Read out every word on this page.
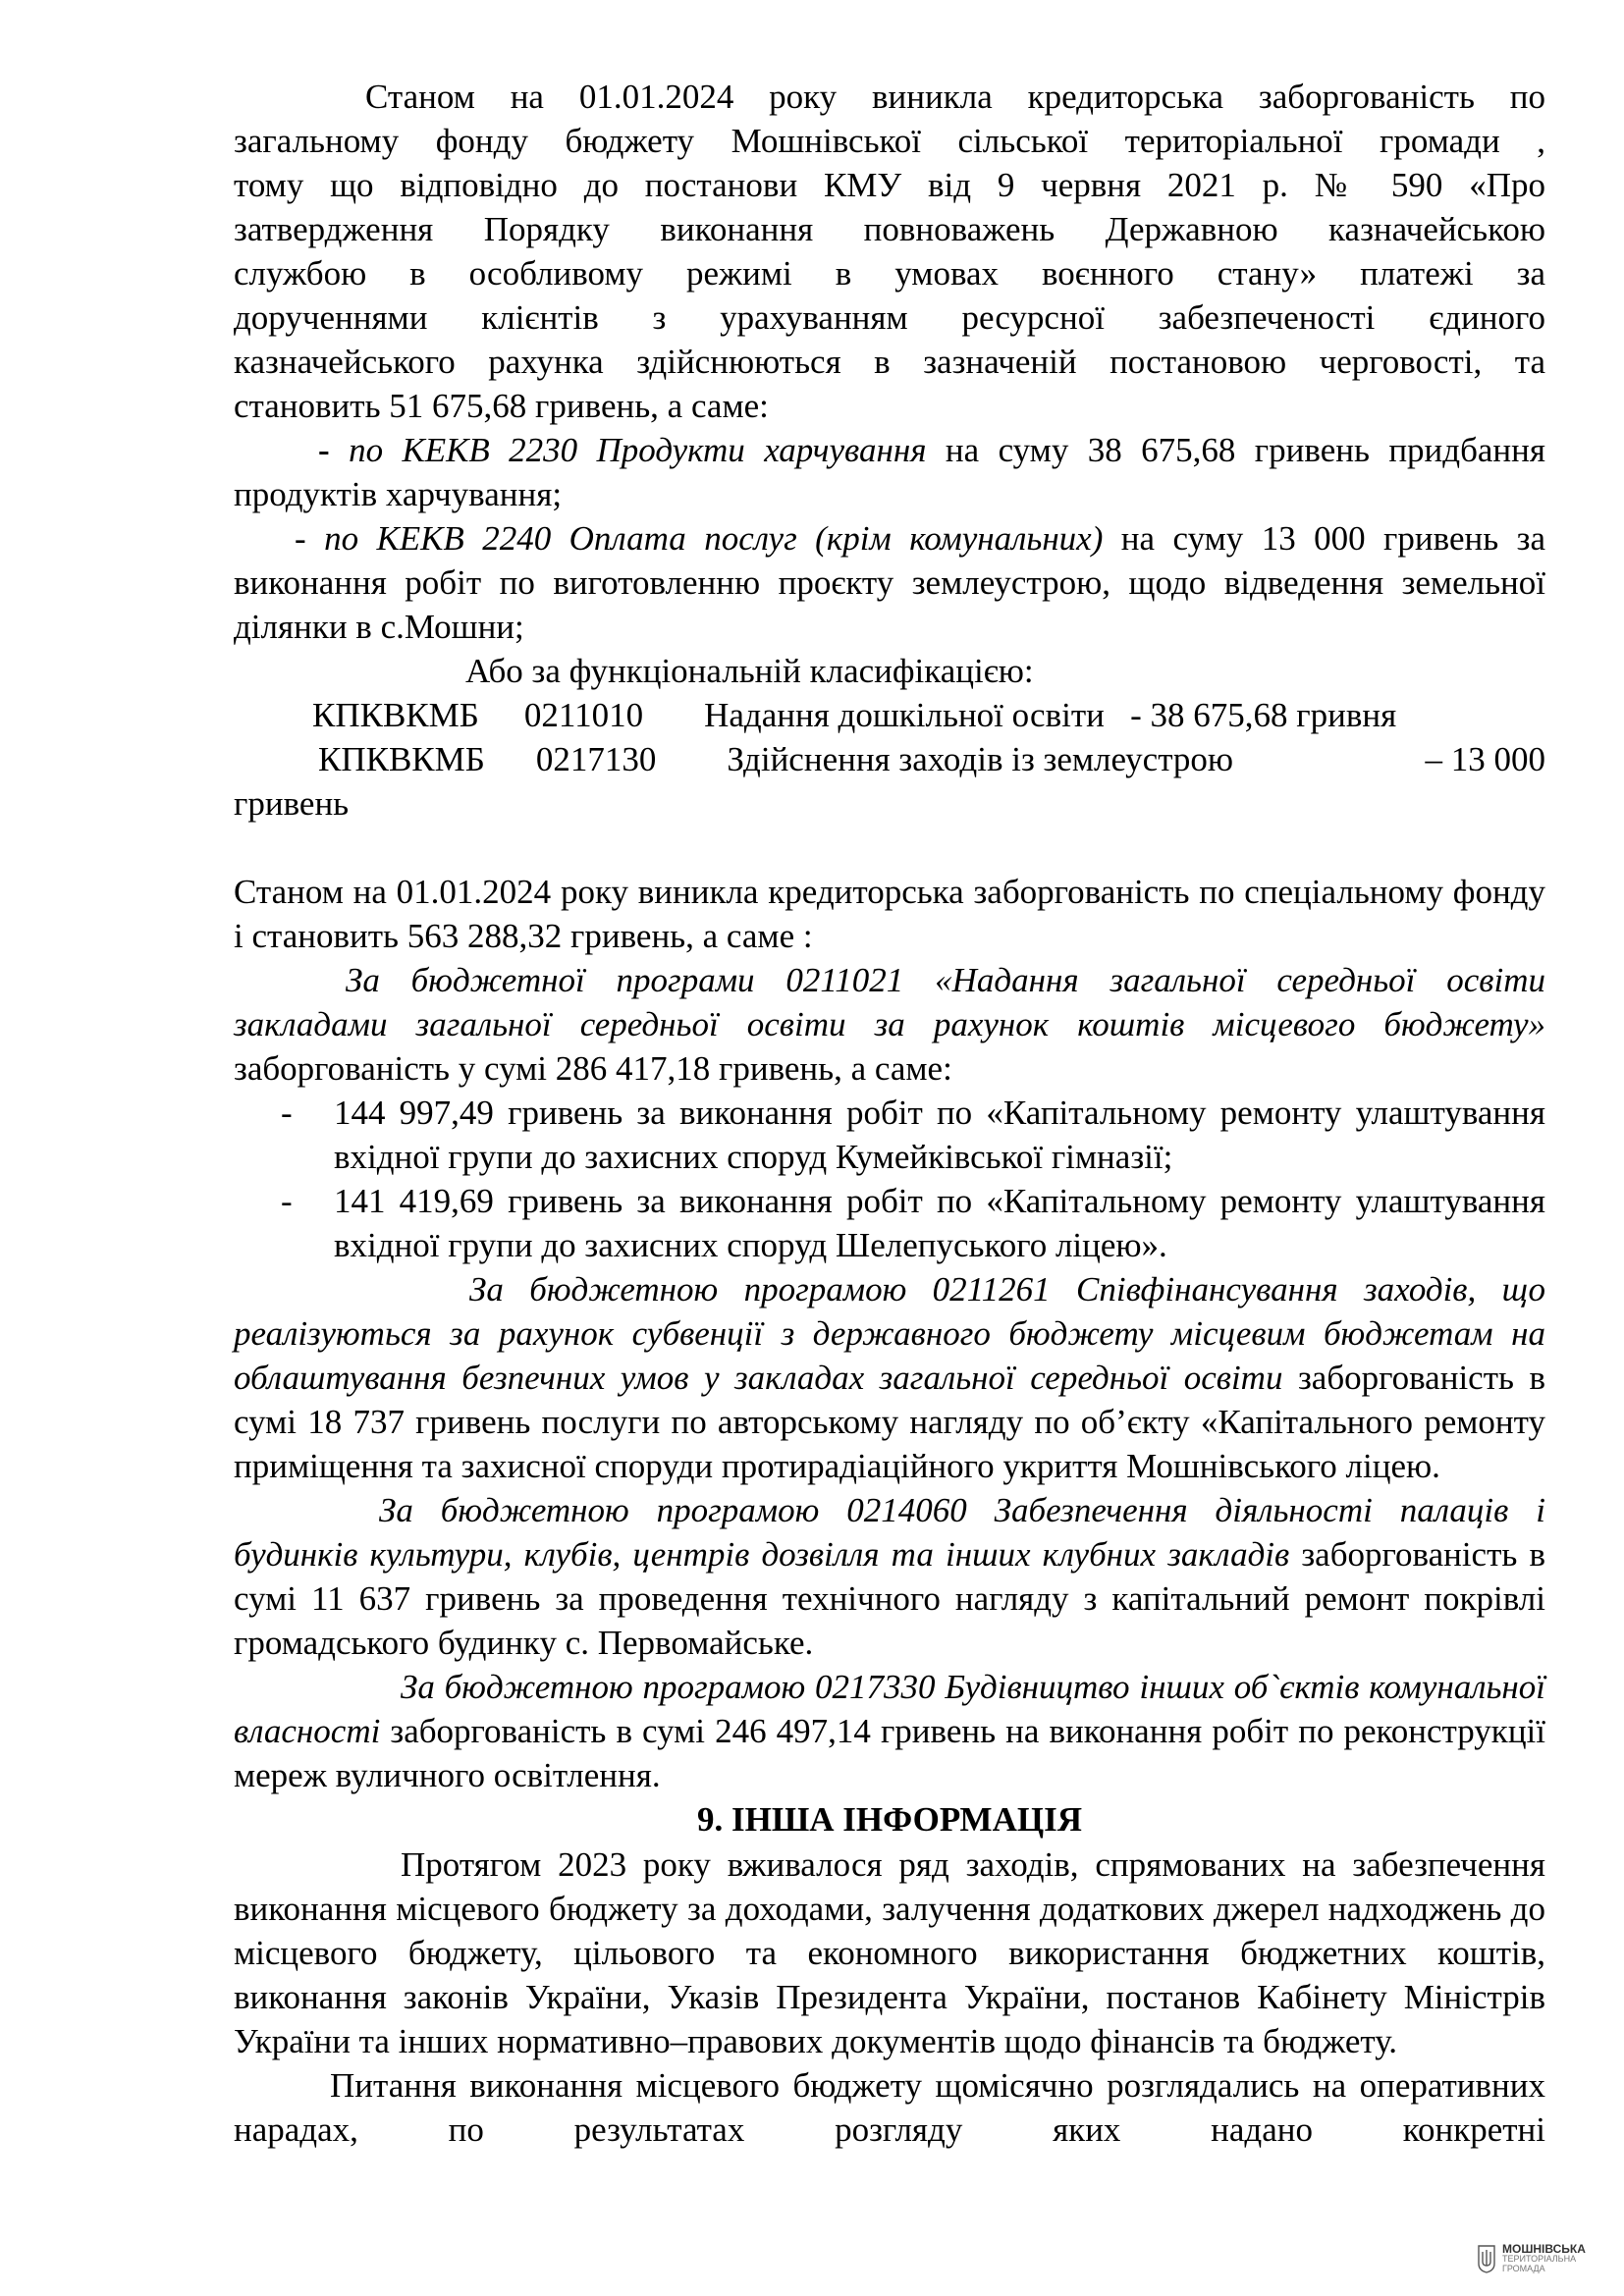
Станом на 01.01.2024 року виникла кредиторська заборгованість по

загальному фонду бюджету Мошнівської сільської територіальної громади ,

тому що відповідно до постанови КМУ від 9 червня 2021 р. № 590 «Про

затвердження Порядку виконання повноважень Державною казначейською

службою в особливому режимі в умовах воєнного стану» платежі за

дорученнями клієнтів з урахуванням ресурсної забезпеченості єдиного

казначейського рахунка здійснюються в зазначеній постановою черговості, та

становить 51 675,68 гривень, а саме:

- по КЕКВ 2230 Продукти харчування на суму 38 675,68 гривень придбання продуктів харчування;

- по КЕКВ 2240 Оплата послуг (крім комунальних) на суму 13 000 гривень за виконання робіт по виготовленню проєкту землеустрою, щодо відведення земельної ділянки в с.Мошни;

Або за функціональній класифікацією:

КПКВКМБ 0211010 Надання дошкільної освіти   - 38 675,68 гривня
КПКВКМБ 0217130 Здійснення заходів із землеустрою	– 13 000

гривень

Станом на 01.01.2024 року виникла кредиторська заборгованість по спеціальному фонду і становить 563 288,32 гривень, а саме :

За бюджетної програми 0211021 «Надання загальної середньої освіти закладами загальної середньої освіти за рахунок коштів місцевого бюджету» заборгованість у сумі 286 417,18 гривень, а саме:

- 144 997,49 гривень за виконання робіт по «Капітальному ремонту улаштування вхідної групи до захисних споруд Кумейківської гімназії;
- 141 419,69 гривень за виконання робіт по «Капітальному ремонту улаштування вхідної групи до захисних споруд Шелепуського ліцею».

За бюджетною програмою 0211261 Співфінансування заходів, що реалізуються за рахунок субвенції з державного бюджету місцевим бюджетам на облаштування безпечних умов у закладах загальної середньої освіти заборгованість в сумі 18 737 гривень послуги по авторському нагляду по об’єкту «Капітального ремонту приміщення та захисної споруди протирадіаційного укриття Мошнівського ліцею.

За бюджетною програмою 0214060 Забезпечення діяльності палаців і будинків культури, клубів, центрів дозвілля та інших клубних закладів заборгованість в сумі 11 637 гривень за проведення технічного нагляду з капітальний ремонт покрівлі громадського будинку с. Первомайське.

За бюджетною програмою 0217330 Будівництво інших об`єктів комунальної власності заборгованість в сумі 246 497,14 гривень на виконання робіт по реконструкції мереж вуличного освітлення.

9. ІНША ІНФОРМАЦІЯ

Протягом 2023 року вживалося ряд заходів, спрямованих на забезпечення виконання місцевого бюджету за доходами, залучення додаткових джерел надходжень до місцевого бюджету, цільового та економного використання бюджетних коштів, виконання законів України, Указів Президента України, постанов Кабінету Міністрів України та інших нормативно–правових документів щодо фінансів та бюджету.

Питання виконання місцевого бюджету щомісячно розглядались на оперативних нарадах, по результатах розгляду яких надано конкретні

МОШНІВСЬКА
ТЕРИТОРІАЛЬНА
ГРОМАДА
